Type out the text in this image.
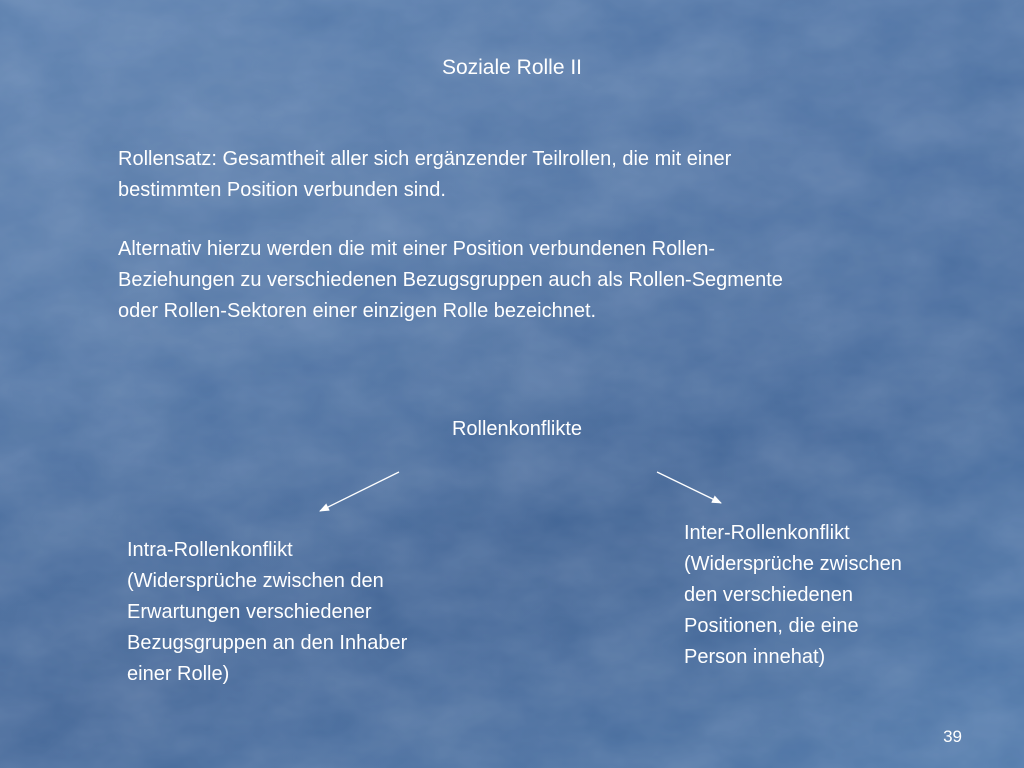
Soziale Rolle II

Rollensatz: Gesamtheit aller sich ergänzender Teilrollen, die mit einer
bestimmten Position verbunden sind.

Alternativ hierzu werden die mit einer Position verbundenen Rollen-
Beziehungen zu verschiedenen Bezugsgruppen auch als Rollen-Segmente
oder Rollen-Sektoren einer einzigen Rolle bezeichnet.

Rollenkonflikte

Intra-Rollenkonflikt
(Widersprüche zwischen den
Erwartungen verschiedener
Bezugsgruppen an den Inhaber
einer Rolle)

Inter-Rollenkonflikt
(Widersprüche zwischen
den verschiedenen
Positionen, die eine
Person innehat)

39
